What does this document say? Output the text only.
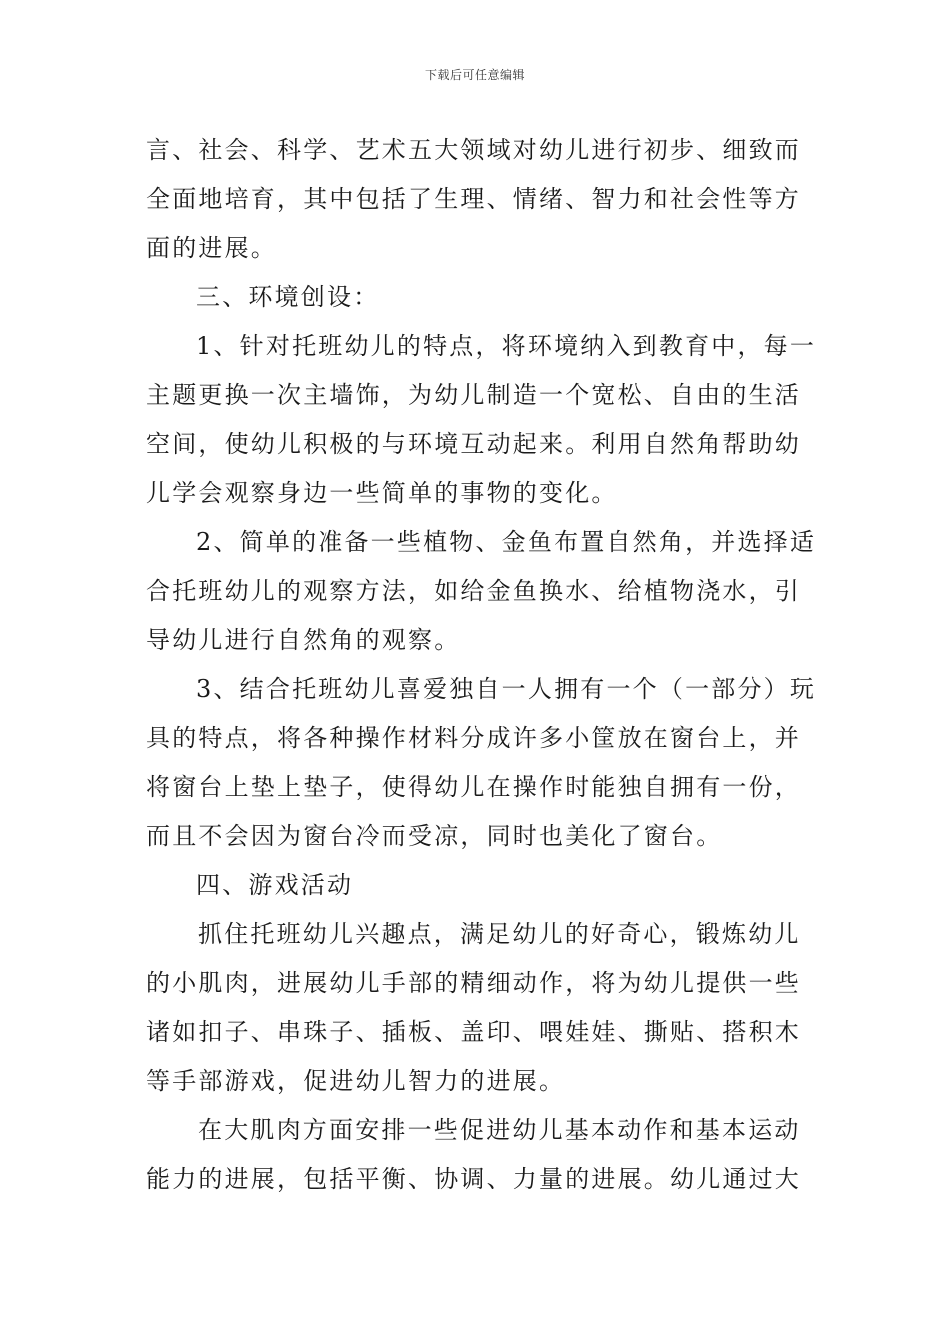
下载后可任意编辑
言、社会、科学、艺术五大领域对幼儿进行初步、细致而
全面地培育，其中包括了生理、情绪、智力和社会性等方
面的进展。
三、环境创设：
1、针对托班幼儿的特点，将环境纳入到教育中，每一
主题更换一次主墙饰，为幼儿制造一个宽松、自由的生活
空间，使幼儿积极的与环境互动起来。利用自然角帮助幼
儿学会观察身边一些简单的事物的变化。
2、简单的准备一些植物、金鱼布置自然角，并选择适
合托班幼儿的观察方法，如给金鱼换水、给植物浇水，引
导幼儿进行自然角的观察。
3、结合托班幼儿喜爱独自一人拥有一个（一部分）玩
具的特点，将各种操作材料分成许多小筐放在窗台上，并
将窗台上垫上垫子，使得幼儿在操作时能独自拥有一份，
而且不会因为窗台冷而受凉，同时也美化了窗台。
四、游戏活动
抓住托班幼儿兴趣点，满足幼儿的好奇心，锻炼幼儿
的小肌肉，进展幼儿手部的精细动作，将为幼儿提供一些
诸如扣子、串珠子、插板、盖印、喂娃娃、撕贴、搭积木
等手部游戏，促进幼儿智力的进展。
在大肌肉方面安排一些促进幼儿基本动作和基本运动
能力的进展，包括平衡、协调、力量的进展。幼儿通过大
